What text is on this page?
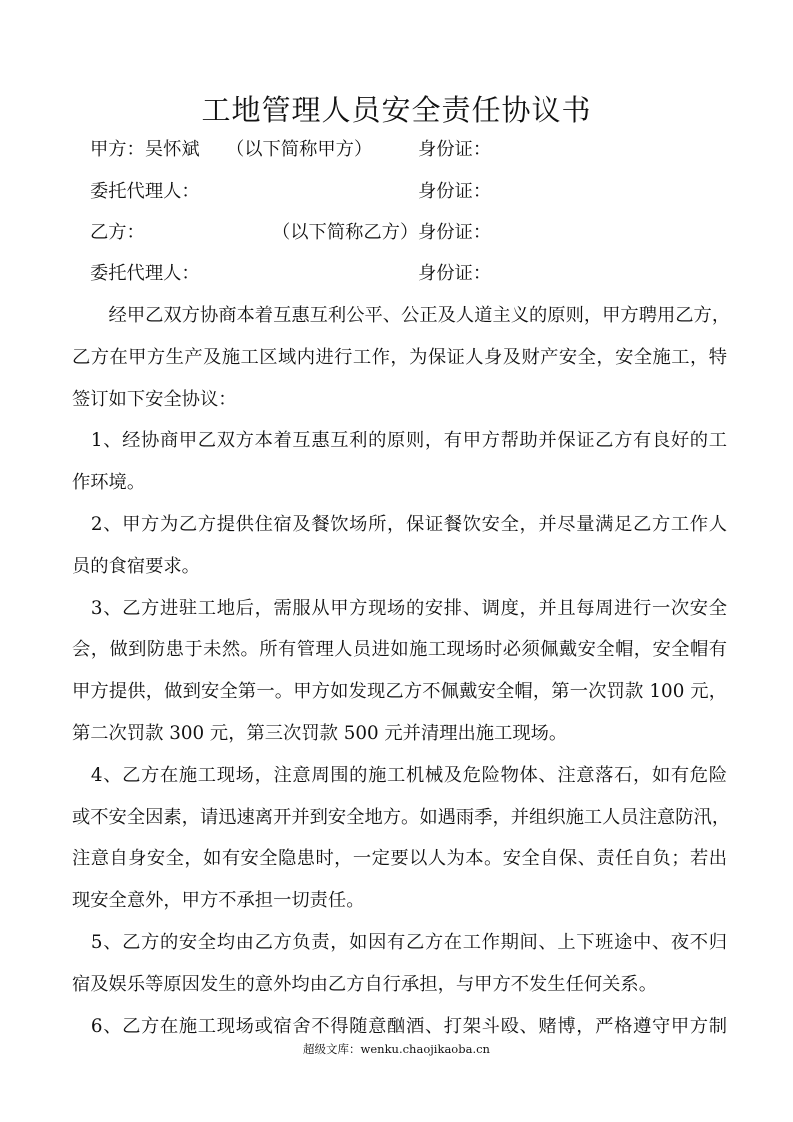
工地管理人员安全责任协议书
甲方：吴怀斌 （以下简称甲方）	身份证：
委托代理人：	身份证：
乙方：	（以下简称乙方） 身份证：
委托代理人：	身份证：
　　经甲乙双方协商本着互惠互利公平、公正及人道主义的原则，甲方聘用乙方，
乙方在甲方生产及施工区域内进行工作，为保证人身及财产安全，安全施工，特
签订如下安全协议：
　1、经协商甲乙双方本着互惠互利的原则，有甲方帮助并保证乙方有良好的工
作环境。
　2、甲方为乙方提供住宿及餐饮场所，保证餐饮安全，并尽量满足乙方工作人
员的食宿要求。
　3、乙方进驻工地后，需服从甲方现场的安排、调度，并且每周进行一次安全
会，做到防患于未然。所有管理人员进如施工现场时必须佩戴安全帽，安全帽有
甲方提供，做到安全第一。甲方如发现乙方不佩戴安全帽，第一次罚款 100 元，
第二次罚款 300 元，第三次罚款 500 元并清理出施工现场。
　4、乙方在施工现场，注意周围的施工机械及危险物体、注意落石，如有危险
或不安全因素，请迅速离开并到安全地方。如遇雨季，并组织施工人员注意防汛，
注意自身安全，如有安全隐患时，一定要以人为本。安全自保、责任自负；若出
现安全意外，甲方不承担一切责任。
　5、乙方的安全均由乙方负责，如因有乙方在工作期间、上下班途中、夜不归
宿及娱乐等原因发生的意外均由乙方自行承担，与甲方不发生任何关系。
　6、乙方在施工现场或宿舍不得随意酗酒、打架斗殴、赌博，严格遵守甲方制
超级文库：wenku.chaojikaoba.cn
